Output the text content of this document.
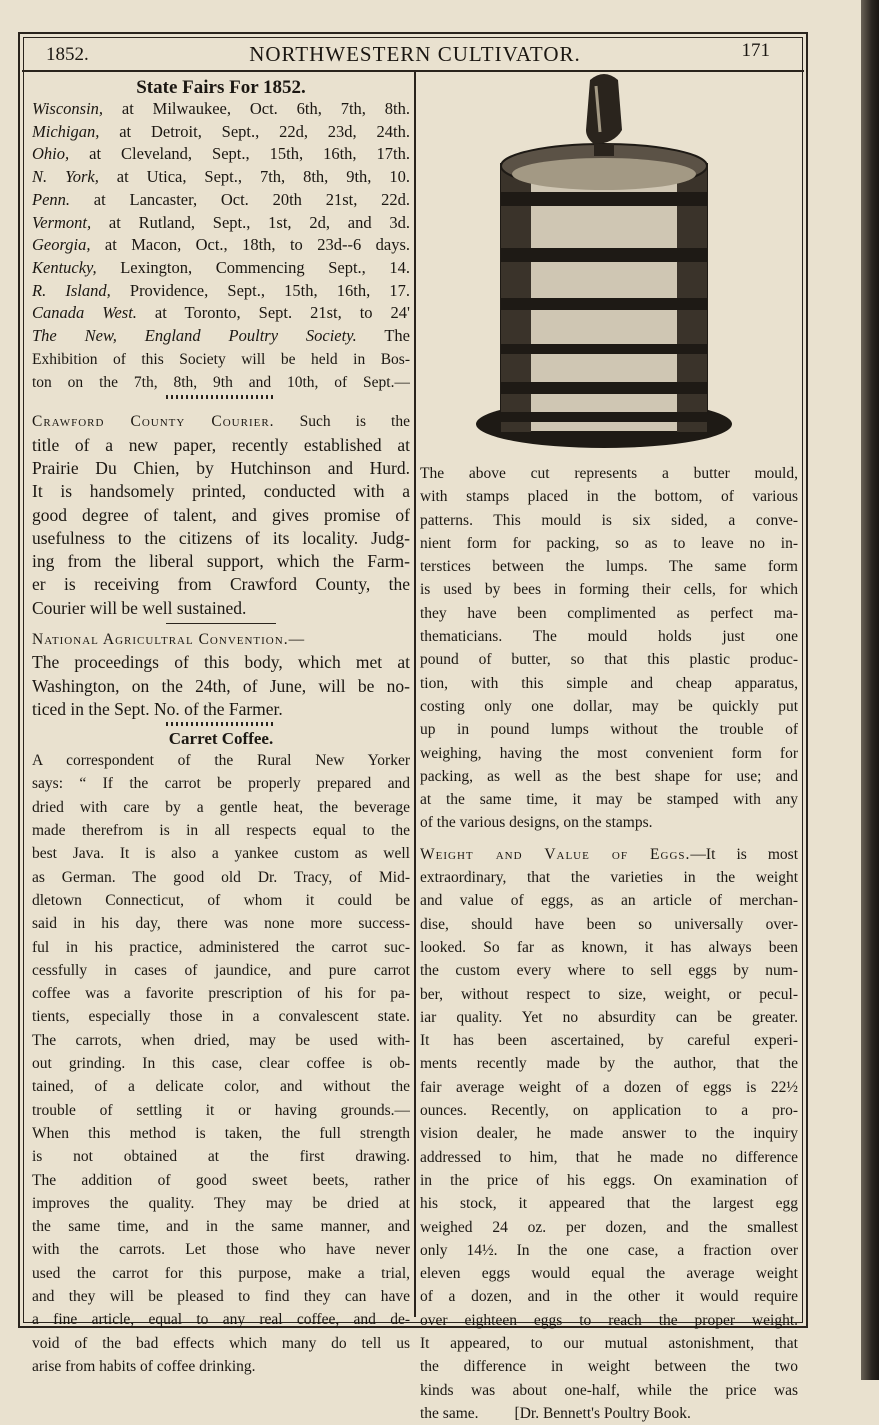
1852.	NORTHWESTERN CULTIVATOR.	171
State Fairs For 1852.
Wisconsin, at Milwaukee, Oct. 6th, 7th, 8th.
Michigan, at Detroit, Sept., 22d, 23d, 24th.
Ohio, at Cleveland, Sept., 15th, 16th, 17th.
N. York, at Utica, Sept., 7th, 8th, 9th, 10.
Penn. at Lancaster, Oct. 20th 21st, 22d.
Vermont, at Rutland, Sept., 1st, 2d, and 3d.
Georgia, at Macon, Oct., 18th, to 23d--6 days.
Kentucky, Lexington, Commencing Sept., 14.
R. Island, Providence, Sept., 15th, 16th, 17.
Canada West. at Toronto, Sept. 21st, to 24'
The New, England Poultry Society. The
Exhibition of this Society will be held in Bos-
ton on the 7th, 8th, 9th and 10th, of Sept.—
Crawford County Courier. Such is the
title of a new paper, recently established at
Prairie Du Chien, by Hutchinson and Hurd.
It is handsomely printed, conducted with a
good degree of talent, and gives promise of
usefulness to the citizens of its locality. Judg-
ing from the liberal support, which the Farm-
er is receiving from Crawford County, the
Courier will be well sustained.
National Agricultral Convention.—
The proceedings of this body, which met at
Washington, on the 24th, of June, will be no-
ticed in the Sept. No. of the Farmer.
Carret Coffee.
A correspondent of the Rural New Yorker
says: “ If the carrot be properly prepared and
dried with care by a gentle heat, the beverage
made therefrom is in all respects equal to the
best Java. It is also a yankee custom as well
as German. The good old Dr. Tracy, of Mid-
dletown Connecticut, of whom it could be
said in his day, there was none more success-
ful in his practice, administered the carrot suc-
cessfully in cases of jaundice, and pure carrot
coffee was a favorite prescription of his for pa-
tients, especially those in a convalescent state.
The carrots, when dried, may be used with-
out grinding. In this case, clear coffee is ob-
tained, of a delicate color, and without the
trouble of settling it or having grounds.—
When this method is taken, the full strength
is not obtained at the first drawing.
The addition of good sweet beets, rather
improves the quality. They may be dried at
the same time, and in the same manner, and
with the carrots. Let those who have never
used the carrot for this purpose, make a trial,
and they will be pleased to find they can have
a fine article, equal to any real coffee, and de-
void of the bad effects which many do tell us
arise from habits of coffee drinking.
The above cut represents a butter mould,
with stamps placed in the bottom, of various
patterns. This mould is six sided, a conve-
nient form for packing, so as to leave no in-
terstices between the lumps. The same form
is used by bees in forming their cells, for which
they have been complimented as perfect ma-
thematicians. The mould holds just one
pound of butter, so that this plastic produc-
tion, with this simple and cheap apparatus,
costing only one dollar, may be quickly put
up in pound lumps without the trouble of
weighing, having the most convenient form for
packing, as well as the best shape for use; and
at the same time, it may be stamped with any
of the various designs, on the stamps.
Weight and Value of Eggs.—It is most
extraordinary, that the varieties in the weight
and value of eggs, as an article of merchan-
dise, should have been so universally over-
looked. So far as known, it has always been
the custom every where to sell eggs by num-
ber, without respect to size, weight, or pecul-
iar quality. Yet no absurdity can be greater.
It has been ascertained, by careful experi-
ments recently made by the author, that the
fair average weight of a dozen of eggs is 22½
ounces. Recently, on application to a pro-
vision dealer, he made answer to the inquiry
addressed to him, that he made no difference
in the price of his eggs. On examination of
his stock, it appeared that the largest egg
weighed 24 oz. per dozen, and the smallest
only 14½. In the one case, a fraction over
eleven eggs would equal the average weight
of a dozen, and in the other it would require
over eighteen eggs to reach the proper weight.
It appeared, to our mutual astonishment, that
the difference in weight between the two
kinds was about one-half, while the price was
the same. [Dr. Bennett's Poultry Book.
